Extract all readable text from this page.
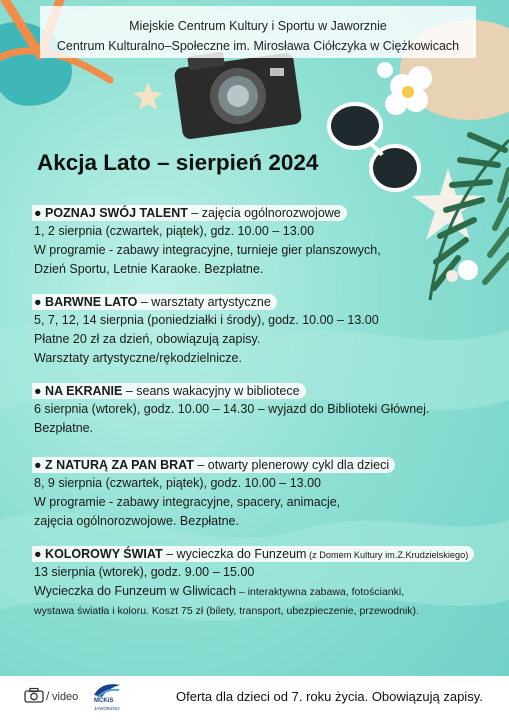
Miejskie Centrum Kultury i Sportu w Jaworznie
Centrum Kulturalno–Społeczne im. Mirosława Ciółczyka w Ciężkowicach
Akcja Lato – sierpień 2024
● POZNAJ SWÓJ TALENT – zajęcia ogólnorozwojowe
1, 2 sierpnia (czwartek, piątek), gdz. 10.00 – 13.00
W programie - zabawy integracyjne, turnieje gier planszowych,
Dzień Sportu, Letnie Karaoke. Bezpłatne.
● BARWNE LATO – warsztaty artystyczne
5, 7, 12, 14 sierpnia (poniedziałki i środy), godz. 10.00 – 13.00
Płatne 20 zł za dzień, obowiązują zapisy.
Warsztaty artystyczne/rękodzielnicze.
● NA EKRANIE – seans wakacyjny w bibliotece
6 sierpnia (wtorek), godz. 10.00 – 14.30 – wyjazd do Biblioteki Głównej.
Bezpłatne.
● Z NATURĄ ZA PAN BRAT – otwarty plenerowy cykl dla dzieci
8, 9 sierpnia (czwartek, piątek), godz. 10.00 – 13.00
W programie - zabawy integracyjne, spacery, animacje,
zajęcia ogólnorozwojowe. Bezpłatne.
● KOLOROWY ŚWIAT – wycieczka do Funzeum (z Domem Kultury im.Z.Krudzielskiego)
13 sierpnia (wtorek), godz. 9.00 – 15.00
Wycieczka do Funzeum w Gliwicach – interaktywna zabawa, fotościanki,
wystawa światła i koloru. Koszt 75 zł (bilety, transport, ubezpieczenie, przewodnik).
/ video	MCKiS
JAWORZNO
Oferta dla dzieci od 7. roku życia. Obowiązują zapisy.
